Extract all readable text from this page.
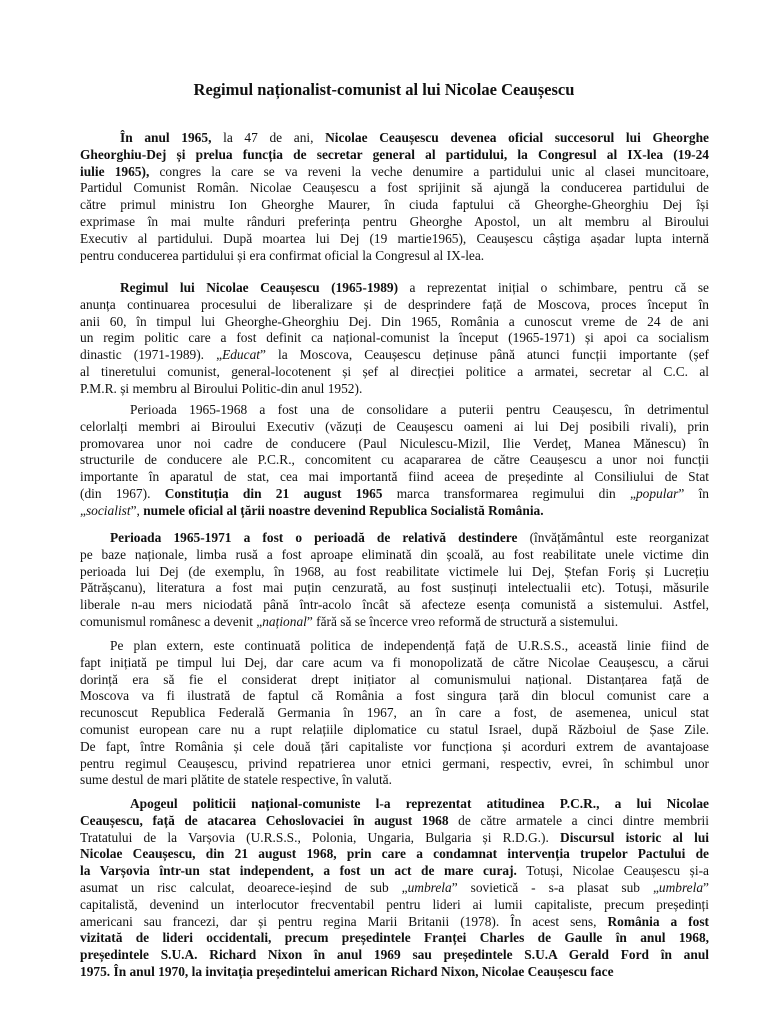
Regimul naționalist-comunist al lui Nicolae Ceaușescu
În anul 1965, la 47 de ani, Nicolae Ceaușescu devenea oficial succesorul lui Gheorghe
Gheorghiu-Dej și prelua funcția de secretar general al partidului, la Congresul al IX-lea (19-24
iulie 1965), congres la care se va reveni la veche denumire a partidului unic al clasei muncitoare,
Partidul Comunist Român. Nicolae Ceaușescu a fost sprijinit să ajungă la conducerea partidului de
către primul ministru Ion Gheorghe Maurer, în ciuda faptului că Gheorghe-Gheorghiu Dej își
exprimase în mai multe rânduri preferința pentru Gheorghe Apostol, un alt membru al Biroului
Executiv al partidului. După moartea lui Dej (19 martie1965), Ceaușescu câștiga așadar lupta internă
pentru conducerea partidului și era confirmat oficial la Congresul al IX-lea.
Regimul lui Nicolae Ceaușescu (1965-1989) a reprezentat inițial o schimbare, pentru că se
anunța continuarea procesului de liberalizare și de desprindere față de Moscova, proces început în
anii 60, în timpul lui Gheorghe-Gheorghiu Dej. Din 1965, România a cunoscut vreme de 24 de ani
un regim politic care a fost definit ca național-comunist la început (1965-1971) și apoi ca socialism
dinastic (1971-1989). „Educat” la Moscova, Ceaușescu deținuse până atunci funcții importante (șef
al tineretului comunist, general-locotenent și șef al direcției politice a armatei, secretar al C.C. al
P.M.R. și membru al Biroului Politic-din anul 1952).
Perioada 1965-1968 a fost una de consolidare a puterii pentru Ceaușescu, în detrimentul
celorlalți membri ai Biroului Executiv (văzuți de Ceaușescu oameni ai lui Dej posibili rivali), prin
promovarea unor noi cadre de conducere (Paul Niculescu-Mizil, Ilie Verdeț, Manea Mănescu) în
structurile de conducere ale P.C.R., concomitent cu acapararea de către Ceaușescu a unor noi funcții
importante în aparatul de stat, cea mai importantă fiind aceea de președinte al Consiliului de Stat
(din 1967). Constituția din 21 august 1965 marca transformarea regimului din „popular” în
„socialist”, numele oficial al țării noastre devenind Republica Socialistă România.
Perioada 1965-1971 a fost o perioadă de relativă destindere (învățământul este reorganizat
pe baze naționale, limba rusă a fost aproape eliminată din școală, au fost reabilitate unele victime din
perioada lui Dej (de exemplu, în 1968, au fost reabilitate victimele lui Dej, Ștefan Foriș și Lucrețiu
Pătrășcanu), literatura a fost mai puțin cenzurată, au fost susținuți intelectualii etc). Totuși, măsurile
liberale n-au mers niciodată până într-acolo încât să afecteze esența comunistă a sistemului. Astfel,
comunismul românesc a devenit „național” fără să se încerce vreo reformă de structură a sistemului.
Pe plan extern, este continuată politica de independență față de U.R.S.S., această linie fiind de
fapt inițiată pe timpul lui Dej, dar care acum va fi monopolizată de către Nicolae Ceaușescu, a cărui
dorință era să fie el considerat drept inițiator al comunismului național. Distanțarea față de
Moscova va fi ilustrată de faptul că România a fost singura țară din blocul comunist care a
recunoscut Republica Federală Germania în 1967, an în care a fost, de asemenea, unicul stat
comunist european care nu a rupt relațiile diplomatice cu statul Israel, după Războiul de Șase Zile.
De fapt, între România și cele două țări capitaliste vor funcționa și acorduri extrem de avantajoase
pentru regimul Ceaușescu, privind repatrierea unor etnici germani, respectiv, evrei, în schimbul unor
sume destul de mari plătite de statele respective, în valută.
Apogeul politicii național-comuniste l-a reprezentat atitudinea P.C.R., a lui Nicolae
Ceaușescu, față de atacarea Cehoslovaciei în august 1968 de către armatele a cinci dintre membrii
Tratatului de la Varșovia (U.R.S.S., Polonia, Ungaria, Bulgaria și R.D.G.). Discursul istoric al lui
Nicolae Ceaușescu, din 21 august 1968, prin care a condamnat intervenția trupelor Pactului de
la Varșovia într-un stat independent, a fost un act de mare curaj. Totuși, Nicolae Ceaușescu și-a
asumat un risc calculat, deoarece-ieșind de sub „umbrela” sovietică - s-a plasat sub „umbrela”
capitalistă, devenind un interlocutor frecventabil pentru lideri ai lumii capitaliste, precum președinți
americani sau francezi, dar și pentru regina Marii Britanii (1978). În acest sens, România a fost
vizitată de lideri occidentali, precum președintele Franței Charles de Gaulle în anul 1968,
președintele S.U.A. Richard Nixon în anul 1969 sau președintele S.U.A Gerald Ford în anul
1975. În anul 1970, la invitația președintelui american Richard Nixon, Nicolae Ceaușescu face
